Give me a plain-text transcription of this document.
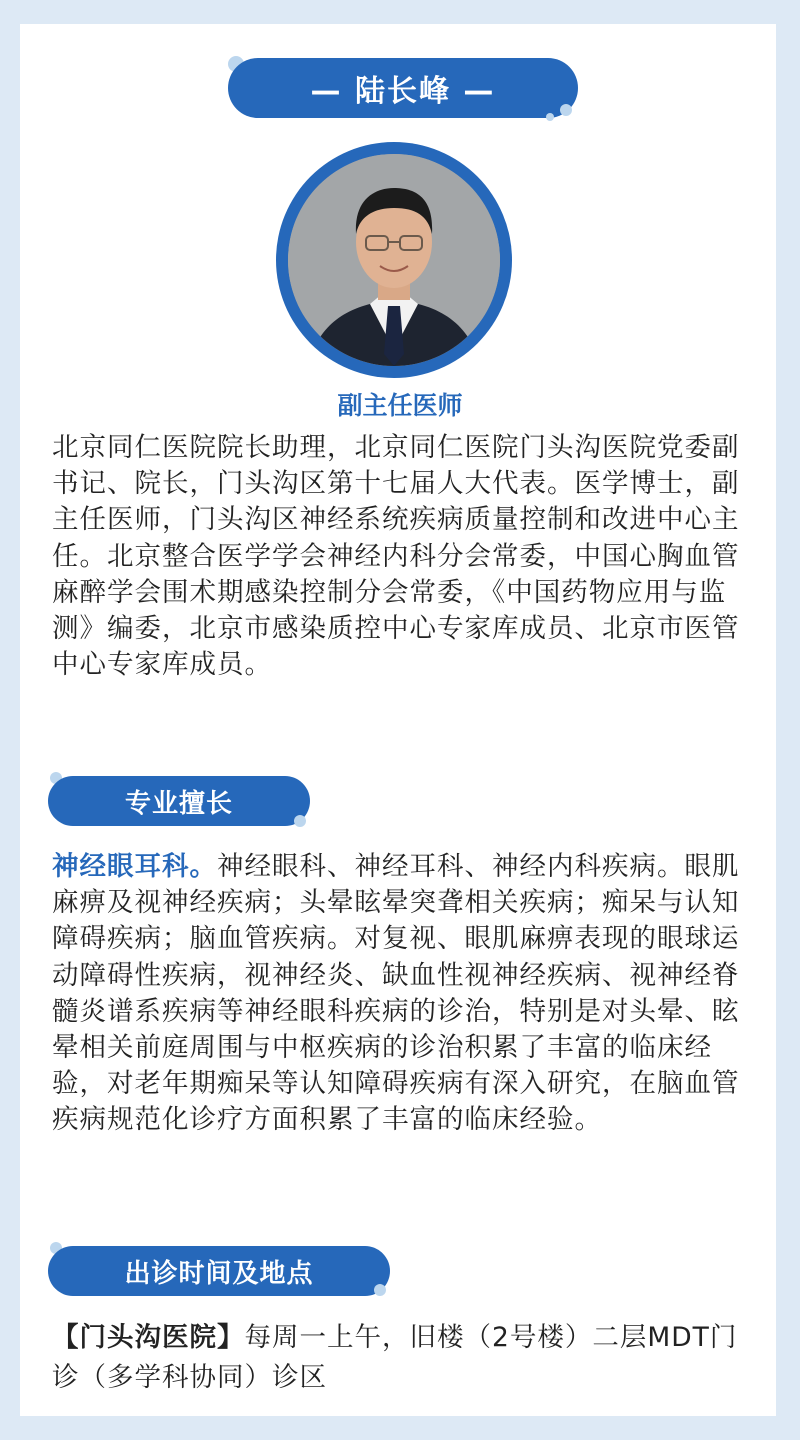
— 陆长峰 —
副主任医师

北京同仁医院院长助理，北京同仁医院门头沟医院党委副书记、院长，门头沟区第十七届人大代表。医学博士，副主任医师，门头沟区神经系统疾病质量控制和改进中心主任。北京整合医学学会神经内科分会常委，中国心胸血管麻醉学会围术期感染控制分会常委，《中国药物应用与监测》编委，北京市感染质控中心专家库成员、北京市医管中心专家库成员。

专业擅长

神经眼耳科。神经眼科、神经耳科、神经内科疾病。眼肌麻痹及视神经疾病；头晕眩晕突聋相关疾病；痴呆与认知障碍疾病；脑血管疾病。对复视、眼肌麻痹表现的眼球运动障碍性疾病，视神经炎、缺血性视神经疾病、视神经脊髓炎谱系疾病等神经眼科疾病的诊治，特别是对头晕、眩晕相关前庭周围与中枢疾病的诊治积累了丰富的临床经验，对老年期痴呆等认知障碍疾病有深入研究，在脑血管疾病规范化诊疗方面积累了丰富的临床经验。

出诊时间及地点

【门头沟医院】每周一上午，旧楼（2号楼）二层MDT门诊（多学科协同）诊区
